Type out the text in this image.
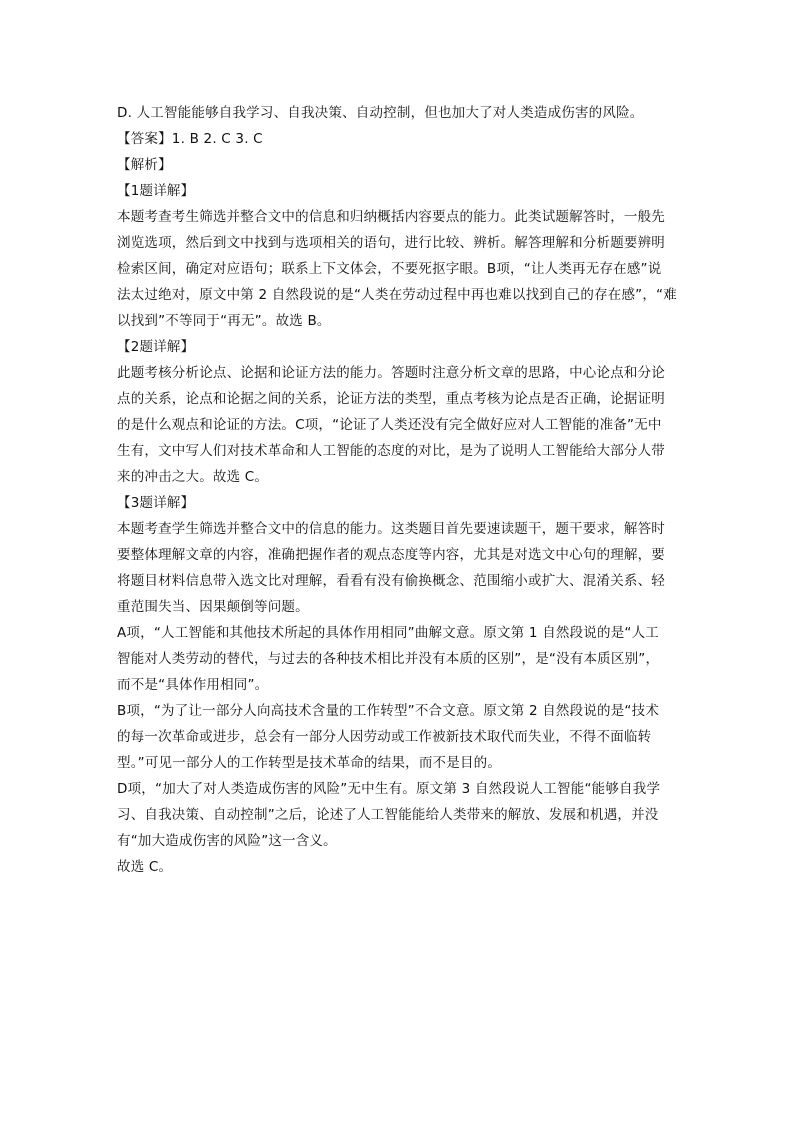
D. 人工智能能够自我学习、自我决策、自动控制，但也加大了对人类造成伤害的风险。
【答案】1. B 2. C 3. C
【解析】
【1题详解】
本题考查考生筛选并整合文中的信息和归纳概括内容要点的能力。此类试题解答时，一般先
浏览选项，然后到文中找到与选项相关的语句，进行比较、辨析。解答理解和分析题要辨明
检索区间，确定对应语句；联系上下文体会，不要死抠字眼。B项，“让人类再无存在感”说
法太过绝对，原文中第 2 自然段说的是“人类在劳动过程中再也难以找到自己的存在感”，“难
以找到”不等同于“再无”。故选 B。
【2题详解】
此题考核分析论点、论据和论证方法的能力。答题时注意分析文章的思路，中心论点和分论
点的关系，论点和论据之间的关系，论证方法的类型，重点考核为论点是否正确，论据证明
的是什么观点和论证的方法。C项，“论证了人类还没有完全做好应对人工智能的准备”无中
生有，文中写人们对技术革命和人工智能的态度的对比，是为了说明人工智能给大部分人带
来的冲击之大。故选 C。
【3题详解】
本题考查学生筛选并整合文中的信息的能力。这类题目首先要速读题干，题干要求，解答时
要整体理解文章的内容，准确把握作者的观点态度等内容，尤其是对选文中心句的理解，要
将题目材料信息带入选文比对理解，看看有没有偷换概念、范围缩小或扩大、混淆关系、轻
重范围失当、因果颠倒等问题。
A项，“人工智能和其他技术所起的具体作用相同”曲解文意。原文第 1 自然段说的是“人工
智能对人类劳动的替代，与过去的各种技术相比并没有本质的区别”，是“没有本质区别”，
而不是“具体作用相同”。
B项，“为了让一部分人向高技术含量的工作转型”不合文意。原文第 2 自然段说的是“技术
的每一次革命或进步，总会有一部分人因劳动或工作被新技术取代而失业，不得不面临转
型。”可见一部分人的工作转型是技术革命的结果，而不是目的。
D项，“加大了对人类造成伤害的风险”无中生有。原文第 3 自然段说人工智能“能够自我学
习、自我决策、自动控制”之后，论述了人工智能能给人类带来的解放、发展和机遇，并没
有“加大造成伤害的风险”这一含义。
故选 C。
